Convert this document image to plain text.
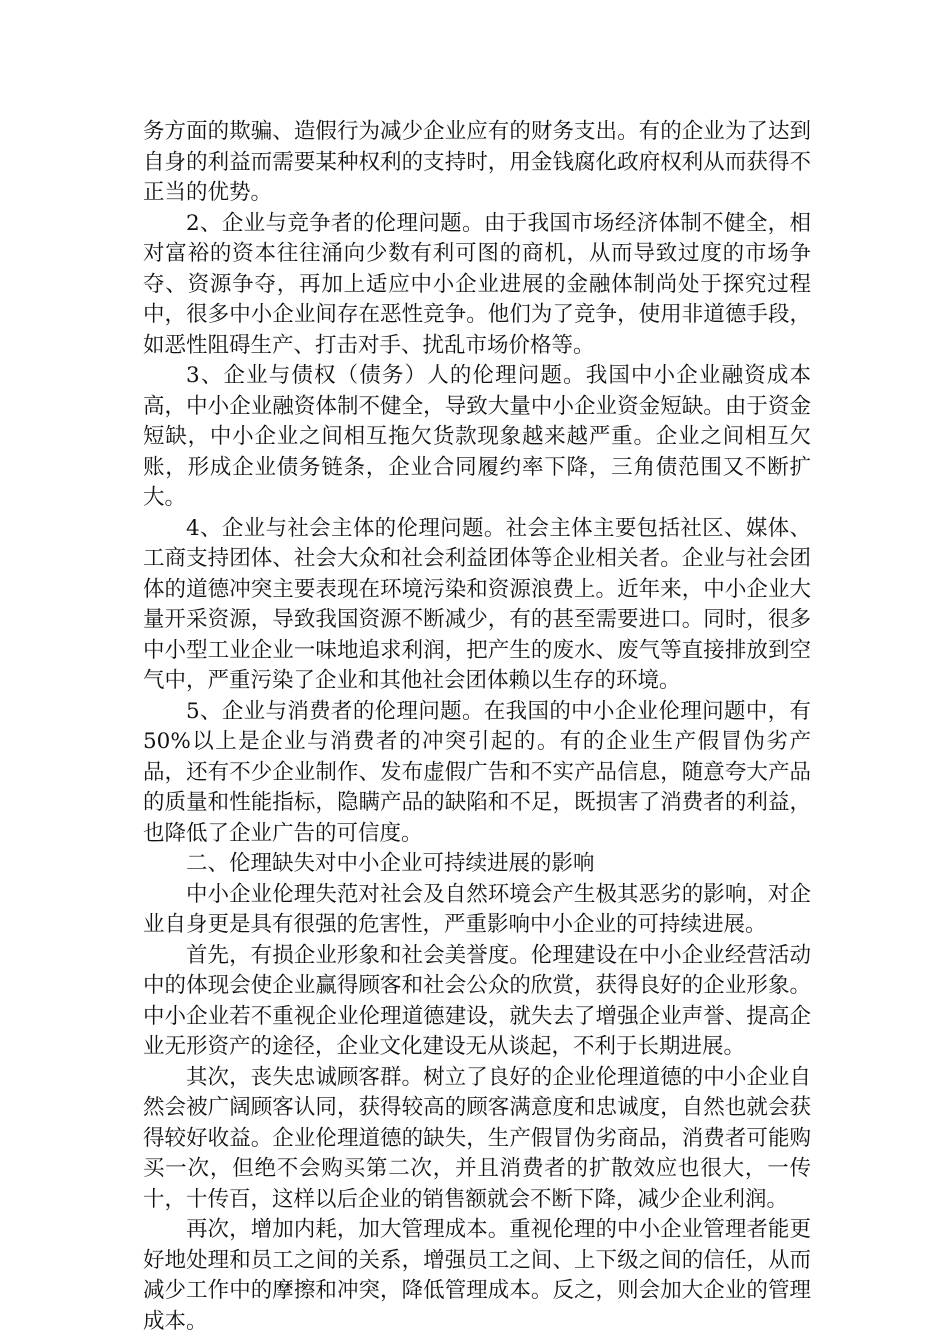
务方面的欺骗、造假行为减少企业应有的财务支出。有的企业为了达到自身的利益而需要某种权利的支持时，用金钱腐化政府权利从而获得不正当的优势。

2、企业与竞争者的伦理问题。由于我国市场经济体制不健全，相对富裕的资本往往涌向少数有利可图的商机，从而导致过度的市场争夺、资源争夺，再加上适应中小企业进展的金融体制尚处于探究过程中，很多中小企业间存在恶性竞争。他们为了竞争，使用非道德手段，如恶性阻碍生产、打击对手、扰乱市场价格等。

3、企业与债权（债务）人的伦理问题。我国中小企业融资成本高，中小企业融资体制不健全，导致大量中小企业资金短缺。由于资金短缺，中小企业之间相互拖欠货款现象越来越严重。企业之间相互欠账，形成企业债务链条，企业合同履约率下降，三角债范围又不断扩大。

4、企业与社会主体的伦理问题。社会主体主要包括社区、媒体、工商支持团体、社会大众和社会利益团体等企业相关者。企业与社会团体的道德冲突主要表现在环境污染和资源浪费上。近年来，中小企业大量开采资源，导致我国资源不断减少，有的甚至需要进口。同时，很多中小型工业企业一味地追求利润，把产生的废水、废气等直接排放到空气中，严重污染了企业和其他社会团体赖以生存的环境。

5、企业与消费者的伦理问题。在我国的中小企业伦理问题中，有 50%以上是企业与消费者的冲突引起的。有的企业生产假冒伪劣产品，还有不少企业制作、发布虚假广告和不实产品信息，随意夸大产品的质量和性能指标，隐瞒产品的缺陷和不足，既损害了消费者的利益，也降低了企业广告的可信度。

二、伦理缺失对中小企业可持续进展的影响

中小企业伦理失范对社会及自然环境会产生极其恶劣的影响，对企业自身更是具有很强的危害性，严重影响中小企业的可持续进展。

首先，有损企业形象和社会美誉度。伦理建设在中小企业经营活动中的体现会使企业赢得顾客和社会公众的欣赏，获得良好的企业形象。中小企业若不重视企业伦理道德建设，就失去了增强企业声誉、提高企业无形资产的途径，企业文化建设无从谈起，不利于长期进展。

其次，丧失忠诚顾客群。树立了良好的企业伦理道德的中小企业自然会被广阔顾客认同，获得较高的顾客满意度和忠诚度，自然也就会获得较好收益。企业伦理道德的缺失，生产假冒伪劣商品，消费者可能购买一次，但绝不会购买第二次，并且消费者的扩散效应也很大，一传十，十传百，这样以后企业的销售额就会不断下降，减少企业利润。

再次，增加内耗，加大管理成本。重视伦理的中小企业管理者能更好地处理和员工之间的关系，增强员工之间、上下级之间的信任，从而减少工作中的摩擦和冲突，降低管理成本。反之，则会加大企业的管理成本。
